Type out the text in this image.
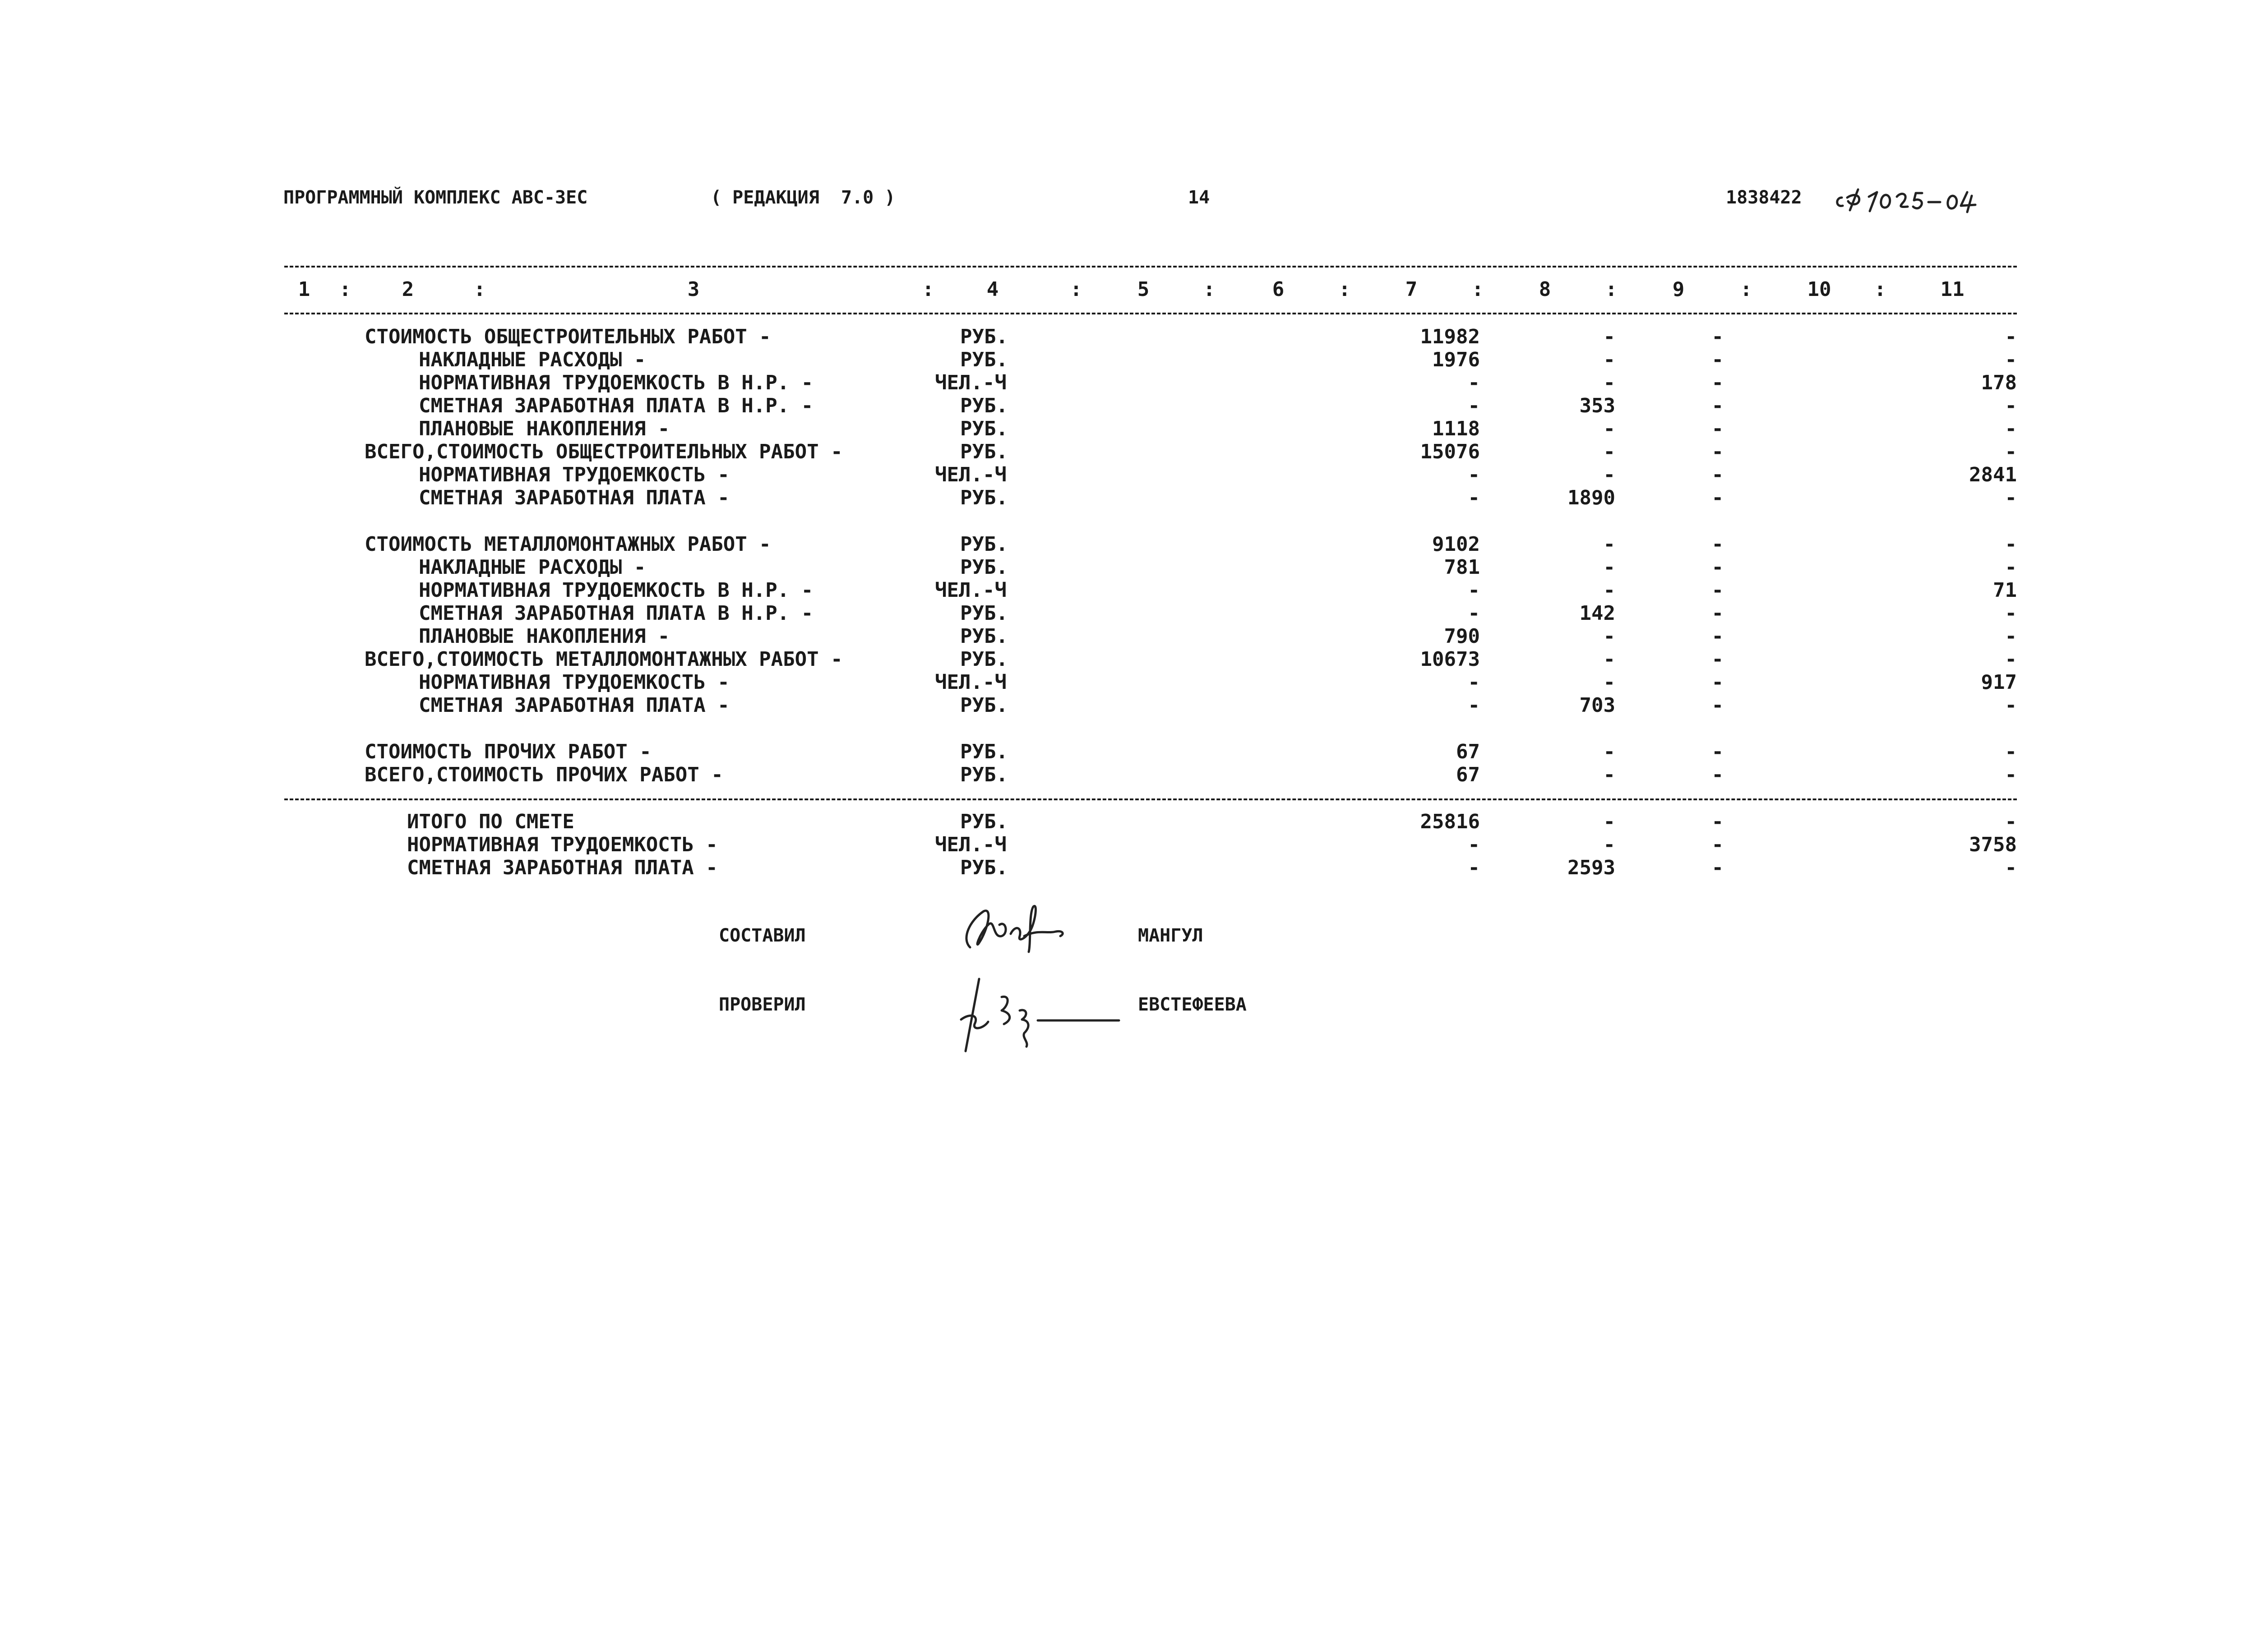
ПРОГРАММНЫЙ КОМПЛЕКС АВС-3ЕС	( РЕДАКЦИЯ  7.0 )	14	1838422
1	:	2	:	3	:	4	:	5	:	6	:	7	:	8	:	9	:	10	:	11
СТОИМОСТЬ ОБЩЕСТРОИТЕЛЬНЫХ РАБОТ -	РУБ.	11982	-	-	-
НАКЛАДНЫЕ РАСХОДЫ -	РУБ.	1976	-	-	-
НОРМАТИВНАЯ ТРУДОЕМКОСТЬ В Н.Р. -	ЧЕЛ.-Ч	-	-	-	178
СМЕТНАЯ ЗАРАБОТНАЯ ПЛАТА В Н.Р. -	РУБ.	-	353	-	-
ПЛАНОВЫЕ НАКОПЛЕНИЯ -	РУБ.	1118	-	-	-
ВСЕГО,СТОИМОСТЬ ОБЩЕСТРОИТЕЛЬНЫХ РАБОТ -	РУБ.	15076	-	-	-
НОРМАТИВНАЯ ТРУДОЕМКОСТЬ -	ЧЕЛ.-Ч	-	-	-	2841
СМЕТНАЯ ЗАРАБОТНАЯ ПЛАТА -	РУБ.	-	1890	-	-
СТОИМОСТЬ МЕТАЛЛОМОНТАЖНЫХ РАБОТ -	РУБ.	9102	-	-	-
НАКЛАДНЫЕ РАСХОДЫ -	РУБ.	781	-	-	-
НОРМАТИВНАЯ ТРУДОЕМКОСТЬ В Н.Р. -	ЧЕЛ.-Ч	-	-	-	71
СМЕТНАЯ ЗАРАБОТНАЯ ПЛАТА В Н.Р. -	РУБ.	-	142	-	-
ПЛАНОВЫЕ НАКОПЛЕНИЯ -	РУБ.	790	-	-	-
ВСЕГО,СТОИМОСТЬ МЕТАЛЛОМОНТАЖНЫХ РАБОТ -	РУБ.	10673	-	-	-
НОРМАТИВНАЯ ТРУДОЕМКОСТЬ -	ЧЕЛ.-Ч	-	-	-	917
СМЕТНАЯ ЗАРАБОТНАЯ ПЛАТА -	РУБ.	-	703	-	-
СТОИМОСТЬ ПРОЧИХ РАБОТ -	РУБ.	67	-	-	-
ВСЕГО,СТОИМОСТЬ ПРОЧИХ РАБОТ -	РУБ.	67	-	-	-
ИТОГО ПО СМЕТЕ	РУБ.	25816	-	-	-
НОРМАТИВНАЯ ТРУДОЕМКОСТЬ -	ЧЕЛ.-Ч	-	-	-	3758
СМЕТНАЯ ЗАРАБОТНАЯ ПЛАТА -	РУБ.	-	2593	-	-
СОСТАВИЛ	МАНГУЛ
ПРОВЕРИЛ	ЕВСТЕФЕЕВА
